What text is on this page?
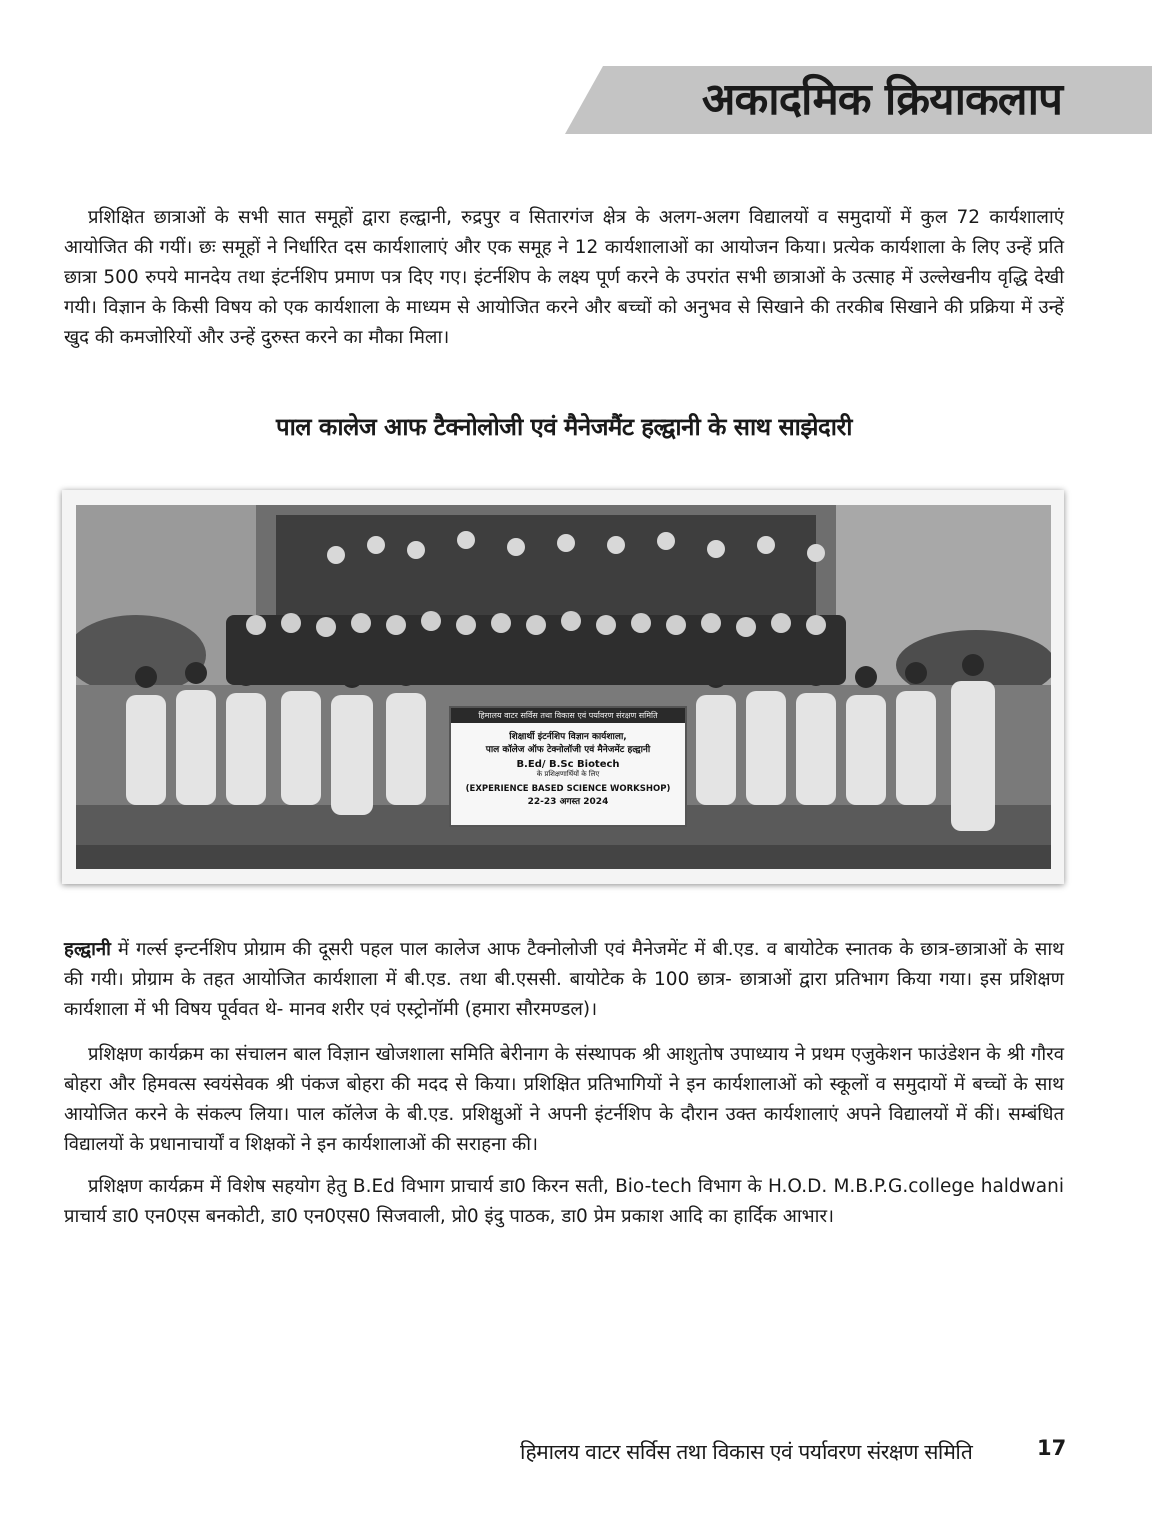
अकादमिक क्रियाकलाप

प्रशिक्षित छात्राओं के सभी सात समूहों द्वारा हल्द्वानी, रुद्रपुर व सितारगंज क्षेत्र के अलग-अलग विद्यालयों व समुदायों में कुल 72 कार्यशालाएं आयोजित की गयीं। छः समूहों ने निर्धारित दस कार्यशालाएं और एक समूह ने 12 कार्यशालाओं का आयोजन किया। प्रत्येक कार्यशाला के लिए उन्हें प्रति छात्रा 500 रुपये मानदेय तथा इंटर्नशिप प्रमाण पत्र दिए गए। इंटर्नशिप के लक्ष्य पूर्ण करने के उपरांत सभी छात्राओं के उत्साह में उल्लेखनीय वृद्धि देखी गयी। विज्ञान के किसी विषय को एक कार्यशाला के माध्यम से आयोजित करने और बच्चों को अनुभव से सिखाने की तरकीब सिखाने की प्रक्रिया में उन्हें खुद की कमजोरियों और उन्हें दुरुस्त करने का मौका मिला।

पाल कालेज आफ टैक्नोलोजी एवं मैनेजमैंट हल्द्वानी के साथ साझेदारी
हिमालय वाटर सर्विस तथा विकास एवं पर्यावरण संरक्षण समिति
शिक्षार्थी इंटर्नशिप विज्ञान कार्यशाला,
पाल कॉलेज ऑफ टेक्नोलॉजी एवं मैनेजमेंट हल्द्वानी
B.Ed/ B.Sc Biotech
के प्रशिक्षणार्थियों के लिए
(EXPERIENCE BASED SCIENCE WORKSHOP)
22-23 अगस्त 2024

हल्द्वानी में गर्ल्स इन्टर्नशिप प्रोग्राम की दूसरी पहल पाल कालेज आफ टैक्नोलोजी एवं मैनेजमेंट में बी.एड. व बायोटेक स्नातक के छात्र-छात्राओं के साथ की गयी। प्रोग्राम के तहत आयोजित कार्यशाला में बी.एड. तथा बी.एससी. बायोटेक के 100 छात्र- छात्राओं द्वारा प्रतिभाग किया गया। इस प्रशिक्षण कार्यशाला में भी विषय पूर्ववत थे- मानव शरीर एवं एस्ट्रोनॉमी (हमारा सौरमण्डल)।

प्रशिक्षण कार्यक्रम का संचालन बाल विज्ञान खोजशाला समिति बेरीनाग के संस्थापक श्री आशुतोष उपाध्याय ने प्रथम एजुकेशन फाउंडेशन के श्री गौरव बोहरा और हिमवत्स स्वयंसेवक श्री पंकज बोहरा की मदद से किया। प्रशिक्षित प्रतिभागियों ने इन कार्यशालाओं को स्कूलों व समुदायों में बच्चों के साथ आयोजित करने के संकल्प लिया। पाल कॉलेज के बी.एड. प्रशिक्षुओं ने अपनी इंटर्नशिप के दौरान उक्त कार्यशालाएं अपने विद्यालयों में कीं। सम्बंधित विद्यालयों के प्रधानाचार्यों व शिक्षकों ने इन कार्यशालाओं की सराहना की।

प्रशिक्षण कार्यक्रम में विशेष सहयोग हेतु B.Ed विभाग प्राचार्य डा0 किरन सती, Bio-tech विभाग के H.O.D. M.B.P.G.college haldwani प्राचार्य डा0 एन0एस बनकोटी, डा0 एन0एस0 सिजवाली, प्रो0 इंदु पाठक, डा0 प्रेम प्रकाश आदि का हार्दिक आभार।

हिमालय वाटर सर्विस तथा विकास एवं पर्यावरण संरक्षण समिति	17
